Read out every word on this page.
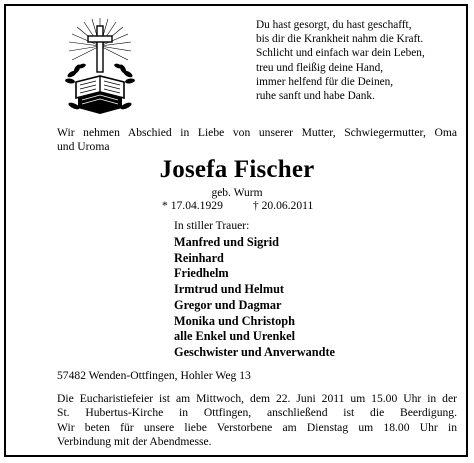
Du hast gesorgt, du hast geschafft,
bis dir die Krankheit nahm die Kraft.
Schlicht und einfach war dein Leben,
treu und fleißig deine Hand,
immer helfend für die Deinen,
ruhe sanft und habe Dank.
Wir nehmen Abschied in Liebe von unserer Mutter, Schwiegermutter, Oma
und Uroma
Josefa Fischer
geb. Wurm
* 17.04.1929	† 20.06.2011
In stiller Trauer:
Manfred und Sigrid
Reinhard
Friedhelm
Irmtrud und Helmut
Gregor und Dagmar
Monika und Christoph
alle Enkel und Urenkel
Geschwister und Anverwandte
57482 Wenden-Ottfingen, Hohler Weg 13
Die Eucharistiefeier ist am Mittwoch, dem 22. Juni 2011 um 15.00 Uhr in der
St. Hubertus-Kirche in Ottfingen, anschließend ist die Beerdigung.
Wir beten für unsere liebe Verstorbene am Dienstag um 18.00 Uhr in
Verbindung mit der Abendmesse.
